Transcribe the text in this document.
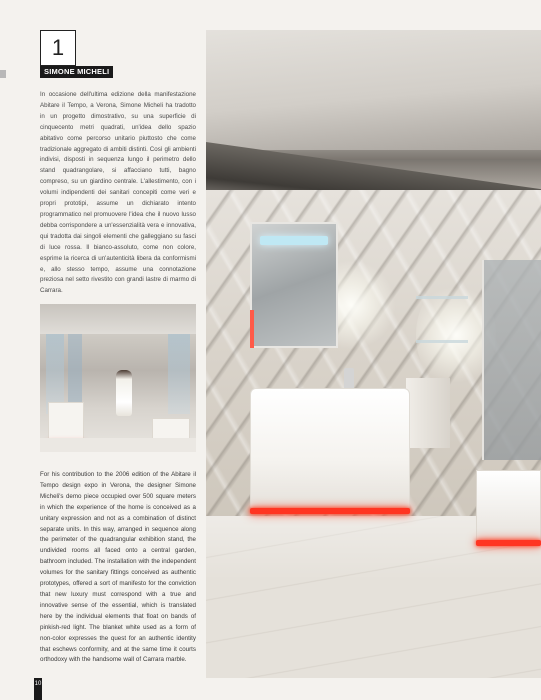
1
SIMONE MICHELI

In occasione dell'ultima edizione della manifestazione Abitare il Tempo, a Verona, Simone Micheli ha tradotto in un progetto dimostrativo, su una superficie di cinquecento metri quadrati, un'idea dello spazio abitativo come percorso unitario piuttosto che come tradizionale aggregato di ambiti distinti. Così gli ambienti indivisi, disposti in sequenza lungo il perimetro dello stand quadrangolare, si affacciano tutti, bagno compreso, su un giardino centrale. L'allestimento, con i volumi indipendenti dei sanitari concepiti come veri e propri prototipi, assume un dichiarato intento programmatico nel promuovere l'idea che il nuovo lusso debba corrispondere a un'essenzialità vera e innovativa, qui tradotta dai singoli elementi che galleggiano su fasci di luce rossa. Il bianco-assoluto, come non colore, esprime la ricerca di un'autenticità libera da conformismi e, allo stesso tempo, assume una connotazione preziosa nel setto rivestito con grandi lastre di marmo di Carrara.

For his contribution to the 2006 edition of the Abitare il Tempo design expo in Verona, the designer Simone Micheli's demo piece occupied over 500 square meters in which the experience of the home is conceived as a unitary expression and not as a combination of distinct separate units. In this way, arranged in sequence along the perimeter of the quadrangular exhibition stand, the undivided rooms all faced onto a central garden, bathroom included. The installation with the independent volumes for the sanitary fittings conceived as authentic prototypes, offered a sort of manifesto for the conviction that new luxury must correspond with a true and innovative sense of the essential, which is translated here by the individual elements that float on bands of pinkish-red light. The blanket white used as a form of non-color expresses the quest for an authentic identity that eschews conformity, and at the same time it courts orthodoxy with the handsome wall of Carrara marble.

10
